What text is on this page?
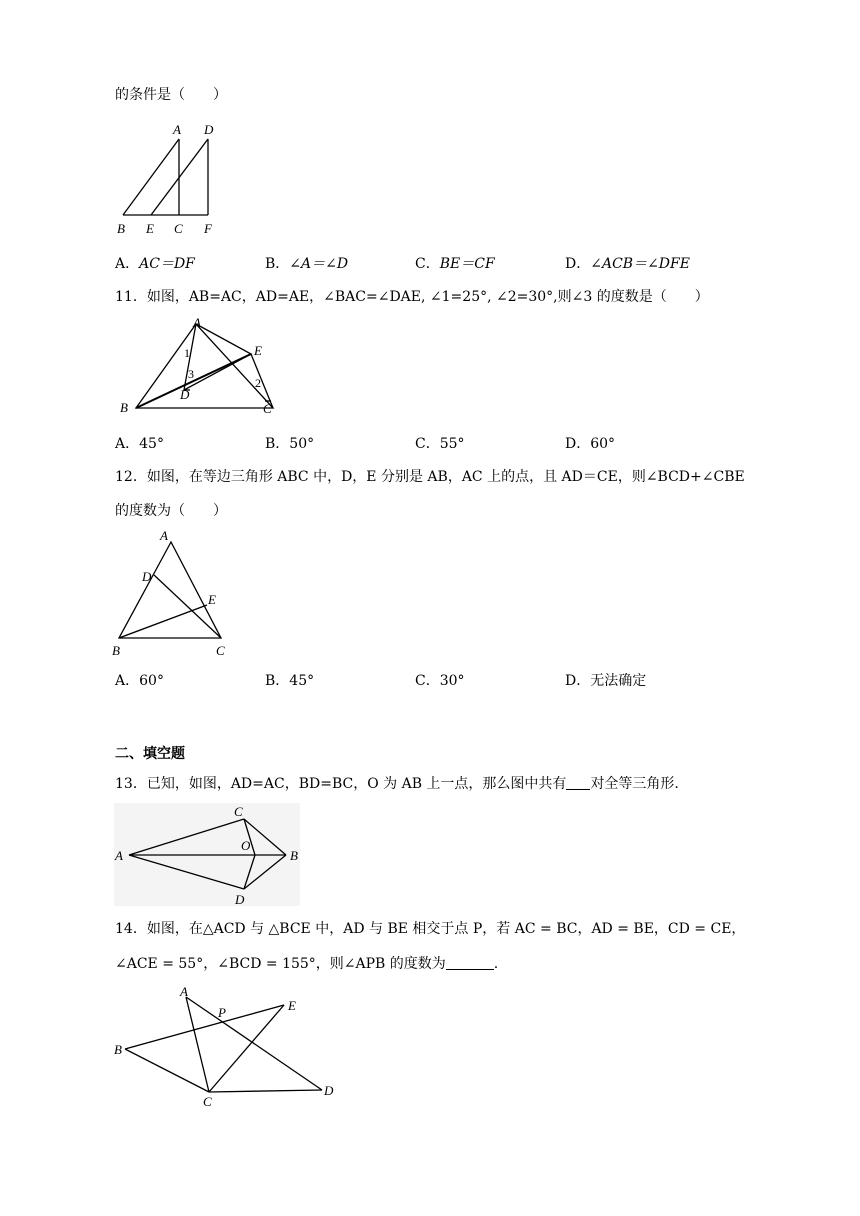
的条件是（　　）
A D
B E C F
A．AC＝DF	B．∠A＝∠D	C．BE＝CF	D．∠ACB＝∠DFE
11．如图，AB=AC，AD=AE，∠BAC=∠DAE, ∠1=25°, ∠2=30°,则∠3 的度数是（　　）
A
B	C
D
E
1
2
3
A．45°	B．50°	C．55°	D．60°
12．如图，在等边三角形 ABC 中，D，E 分别是 AB，AC 上的点，且 AD＝CE，则∠BCD+∠CBE
的度数为（　　）
A
B	C
D
E
A．60°	B．45°	C．30°	D．无法确定
二、填空题
13．已知，如图，AD=AC，BD=BC，O 为 AB 上一点，那么图中共有 对全等三角形.
A	B
C
D
O
14．如图，在△ACD 与 △BCE 中，AD 与 BE 相交于点 P，若 AC = BC，AD = BE，CD = CE，
∠ACE = 55°，∠BCD = 155°，则∠APB 的度数为	.
A
B
C
D
E
P
